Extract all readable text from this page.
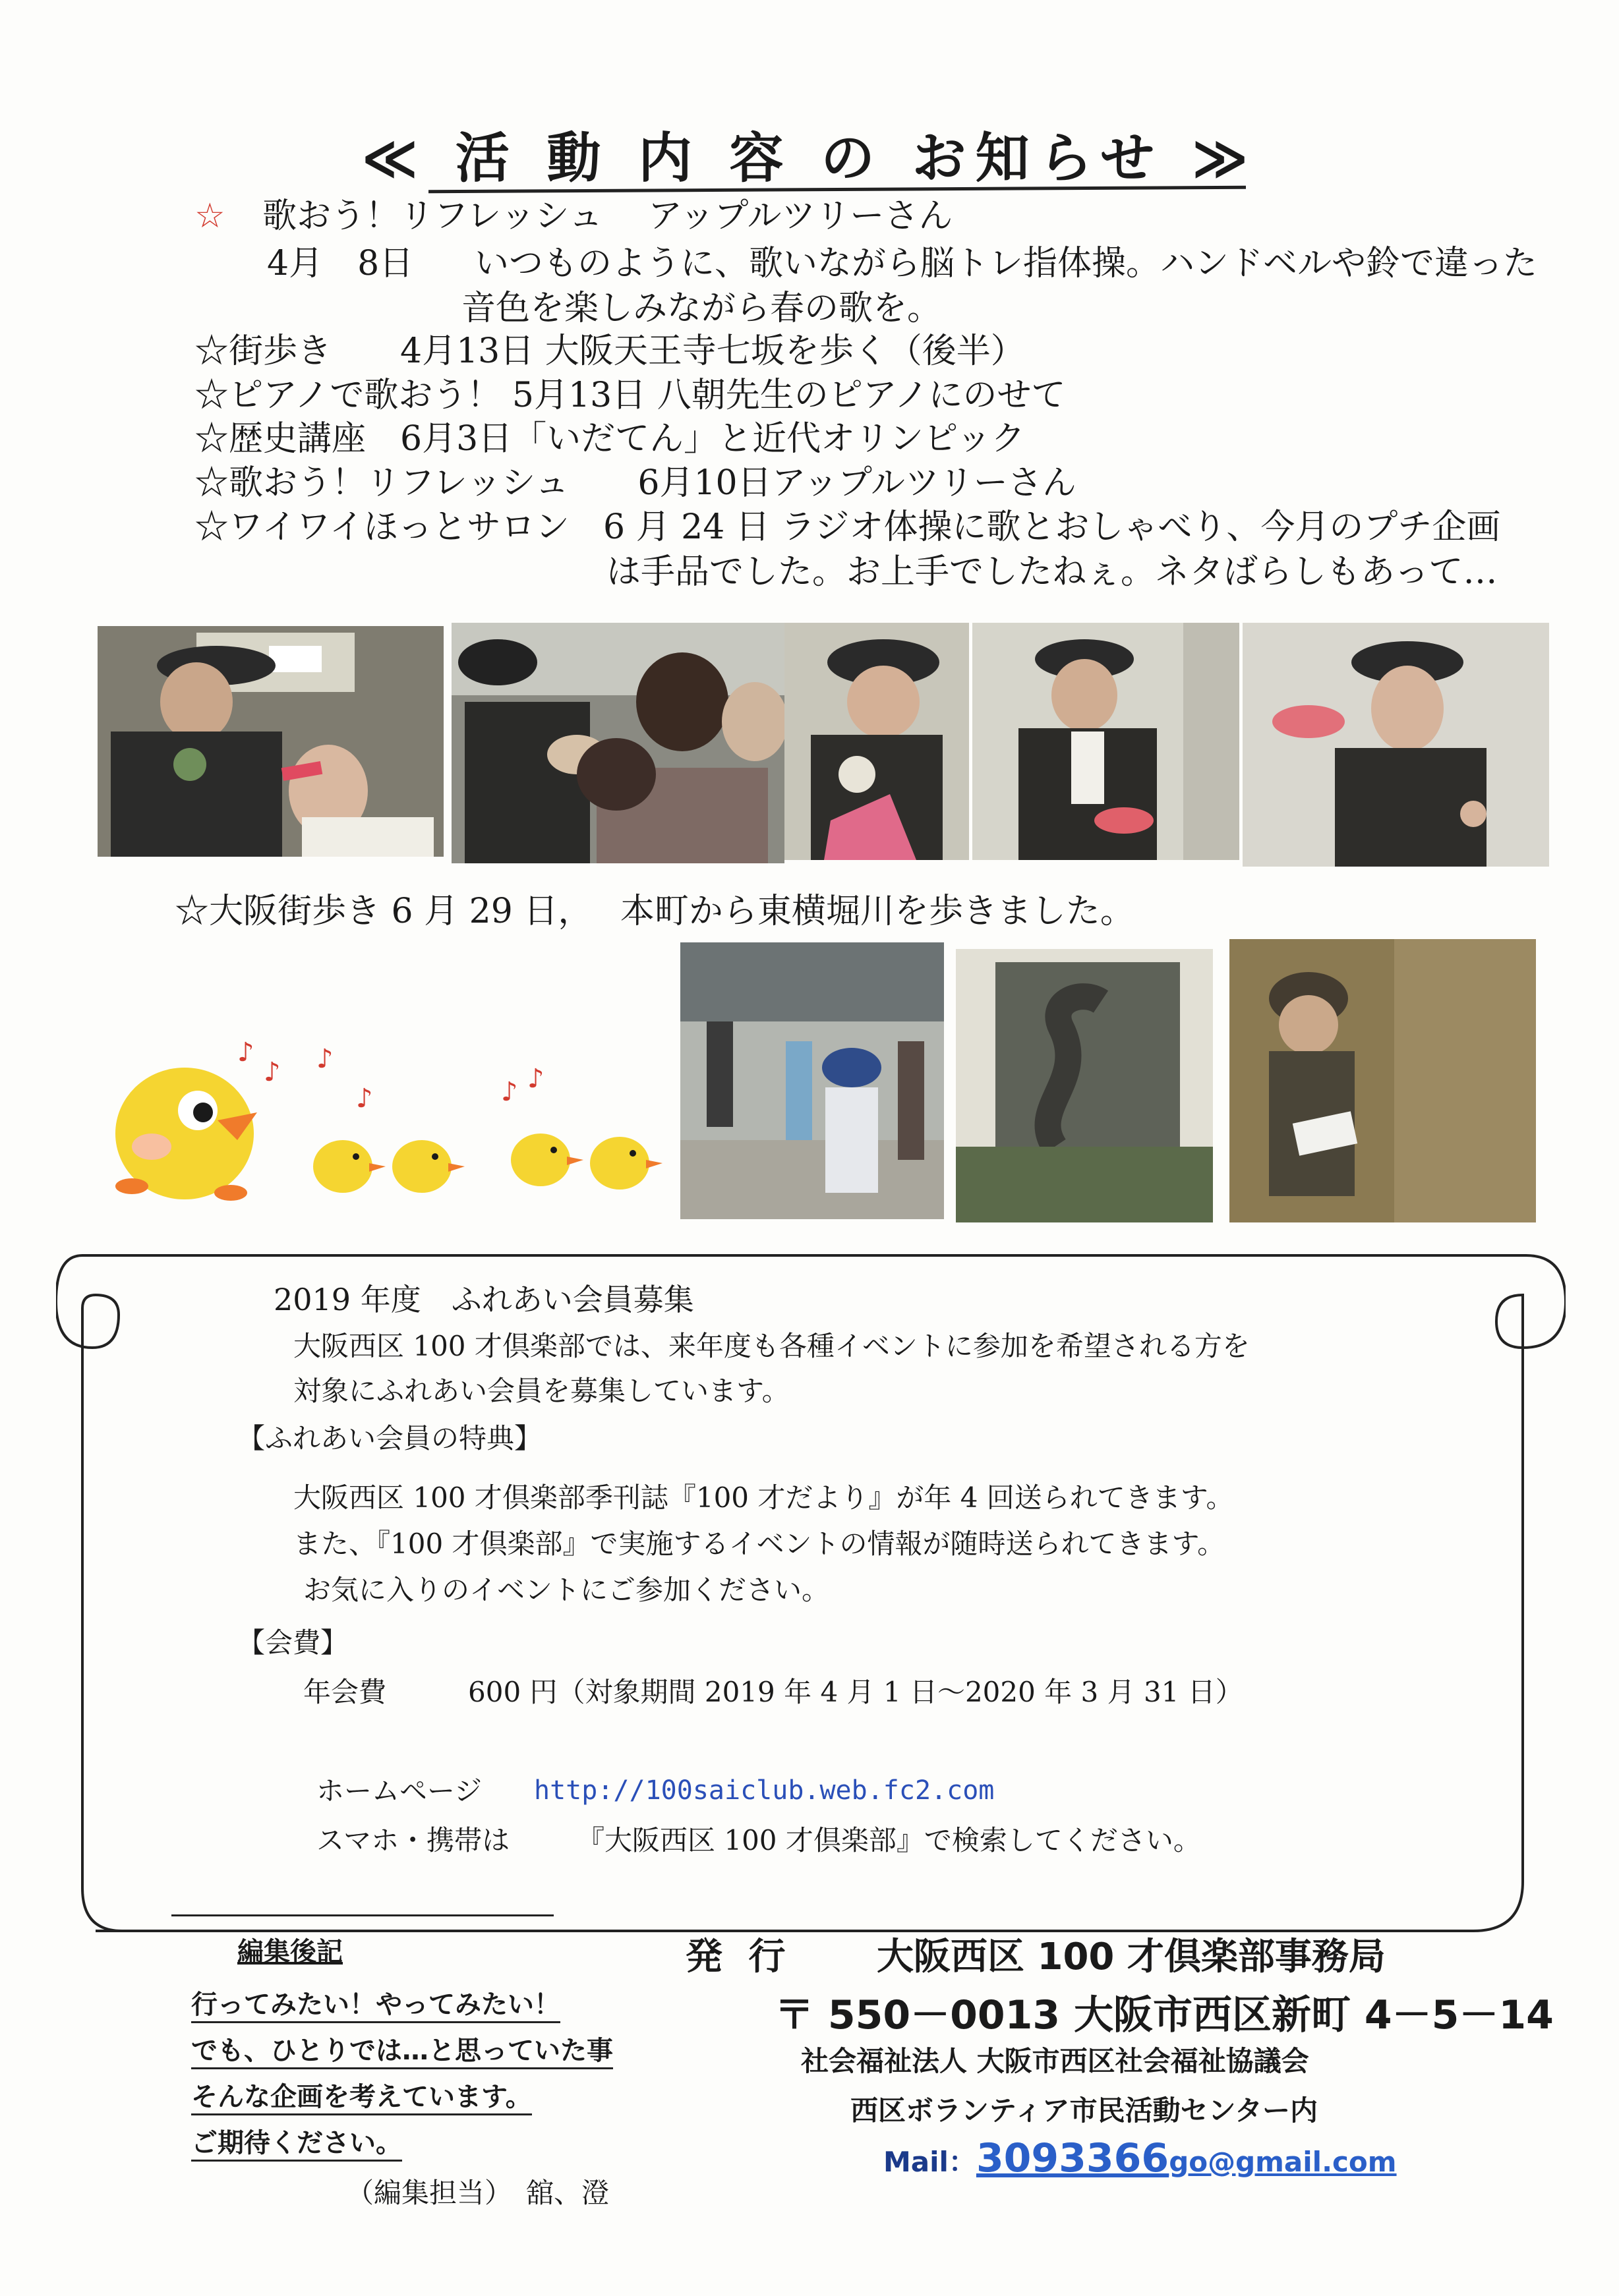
≪ 活 動 内 容 の お知らせ ≫
☆ 歌おう！リフレッシュ　 アップルツリーさん
4月　8日 いつものように、歌いながら脳トレ指体操。ハンドベルや鈴で違った
音色を楽しみながら春の歌を。
☆街歩き　　4月13日 大阪天王寺七坂を歩く（後半）
☆ピアノで歌おう！ 5月13日 八朝先生のピアノにのせて
☆歴史講座　6月3日「いだてん」と近代オリンピック
☆歌おう！リフレッシュ　　6月10日アップルツリーさん
☆ワイワイほっとサロン 6 月 24 日 ラジオ体操に歌とおしゃべり、今月のプチ企画
は手品でした。お上手でしたねぇ。ネタばらしもあって…
☆大阪街歩き 6 月 29 日，　 本町から東横堀川を歩きました。
♪
♪ ♪
♪	♪ ♪
2019 年度　ふれあい会員募集
大阪西区 100 才倶楽部では、来年度も各種イベントに参加を希望される方を
対象にふれあい会員を募集しています。
【ふれあい会員の特典】
大阪西区 100 才倶楽部季刊誌『100 才だより』が年 4 回送られてきます。
また、『100 才倶楽部』で実施するイベントの情報が随時送られてきます。
お気に入りのイベントにご参加ください。
【会費】
年会費	600 円（対象期間 2019 年 4 月 1 日～2020 年 3 月 31 日）
ホームページ http://100saiclub.web.fc2.com
スマホ・携帯は 『大阪西区 100 才倶楽部』で検索してください。
編集後記
行ってみたい！やってみたい！
でも、ひとりでは…と思っていた事
そんな企画を考えています。
ご期待ください。
（編集担当）　舘、澄
発 行 大阪西区 100 才倶楽部事務局
〒 550－0013 大阪市西区新町 4－5－14
社会福祉法人 大阪市西区社会福祉協議会
西区ボランティア市民活動センター内
Mail：3093366go@gmail.com
